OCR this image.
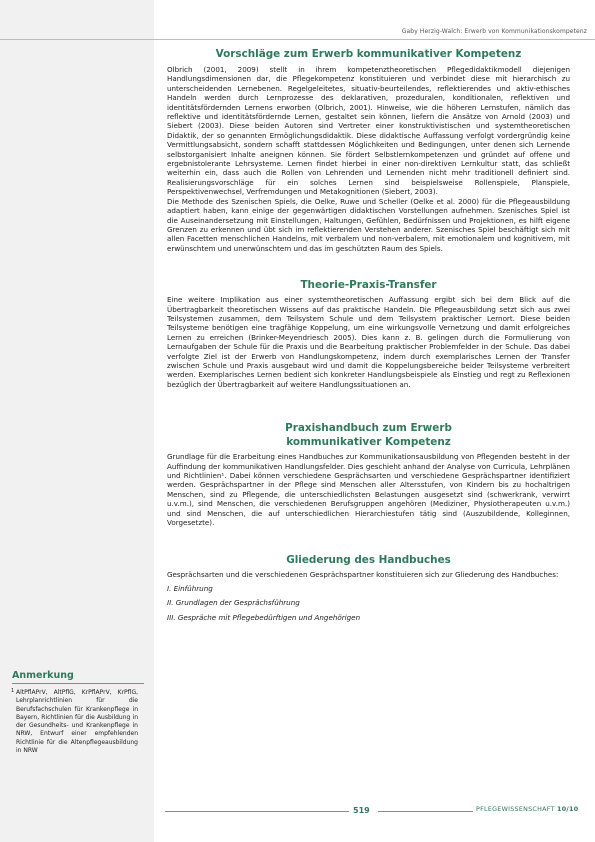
Gaby Herzig-Walch: Erwerb von Kommunikationskompetenz
Vorschläge zum Erwerb kommunikativer Kompetenz

Olbrich (2001, 2009) stellt in ihrem kompetenztheoretischen Pflegedidaktikmodell diejenigen Handlungsdimensionen dar, die Pflegekompetenz konstituieren und verbindet diese mit hierarchisch zu unterscheidenden Lernebenen. Regelgeleitetes, situativ-beurteilendes, reflektierendes und aktiv-ethisches Handeln werden durch Lernprozesse des deklarativen, prozeduralen, konditionalen, reflektiven und identitätsfördernden Lernens erworben (Olbrich, 2001). Hinweise, wie die höheren Lernstufen, nämlich das reflektive und identitätsfördernde Lernen, gestaltet sein können, liefern die Ansätze von Arnold (2003) und Siebert (2003). Diese beiden Autoren sind Vertreter einer konstruktivistischen und systemtheoretischen Didaktik, der so genannten Ermöglichungsdidaktik. Diese didaktische Auffassung verfolgt vordergründig keine Vermittlungsabsicht, sondern schafft stattdessen Möglichkeiten und Bedingungen, unter denen sich Lernende selbstorganisiert Inhalte aneignen können. Sie fördert Selbstlernkompetenzen und gründet auf offene und ergebnistolerante Lehrsysteme. Lernen findet hierbei in einer non-direktiven Lernkultur statt, das schließt weiterhin ein, dass auch die Rollen von Lehrenden und Lernenden nicht mehr traditionell definiert sind. Realisierungsvorschläge für ein solches Lernen sind beispielsweise Rollenspiele, Planspiele, Perspektivenwechsel, Verfremdungen und Metakognitionen (Siebert, 2003).

Die Methode des Szenischen Spiels, die Oelke, Ruwe und Scheller (Oelke et al. 2000) für die Pflegeausbildung adaptiert haben, kann einige der gegenwärtigen didaktischen Vorstellungen aufnehmen. Szenisches Spiel ist die Auseinandersetzung mit Einstellungen, Haltungen, Gefühlen, Bedürfnissen und Projektionen, es hilft eigene Grenzen zu erkennen und übt sich im reflektierenden Verstehen anderer. Szenisches Spiel beschäftigt sich mit allen Facetten menschlichen Handelns, mit verbalem und non-verbalem, mit emotionalem und kognitivem, mit erwünschtem und unerwünschtem und das im geschützten Raum des Spiels.

Theorie-Praxis-Transfer

Eine weitere Implikation aus einer systemtheoretischen Auffassung ergibt sich bei dem Blick auf die Übertragbarkeit theoretischen Wissens auf das praktische Handeln. Die Pflegeausbildung setzt sich aus zwei Teilsystemen zusammen, dem Teilsystem Schule und dem Teilsystem praktischer Lernort. Diese beiden Teilsysteme benötigen eine tragfähige Koppelung, um eine wirkungsvolle Vernetzung und damit erfolgreiches Lernen zu erreichen (Brinker-Meyendriesch 2005). Dies kann z. B. gelingen durch die Formulierung von Lernaufgaben der Schule für die Praxis und die Bearbeitung praktischer Problemfelder in der Schule. Das dabei verfolgte Ziel ist der Erwerb von Handlungskompetenz, indem durch exemplarisches Lernen der Transfer zwischen Schule und Praxis ausgebaut wird und damit die Koppelungsbereiche beider Teilsysteme verbreitert werden. Exemplarisches Lernen bedient sich konkreter Handlungsbeispiele als Einstieg und regt zu Reflexionen bezüglich der Übertragbarkeit auf weitere Handlungssituationen an.

Praxishandbuch zum Erwerb
kommunikativer Kompetenz

Grundlage für die Erarbeitung eines Handbuches zur Kommunikationsausbildung von Pflegenden besteht in der Auffindung der kommunikativen Handlungsfelder. Dies geschieht anhand der Analyse von Curricula, Lehrplänen und Richtlinien¹. Dabei können verschiedene Gesprächsarten und verschiedene Gesprächspartner identifiziert werden. Gesprächspartner in der Pflege sind Menschen aller Altersstufen, von Kindern bis zu hochaltrigen Menschen, sind zu Pflegende, die unterschiedlichsten Belastungen ausgesetzt sind (schwerkrank, verwirrt u.v.m.), sind Menschen, die verschiedenen Berufsgruppen angehören (Mediziner, Physiotherapeuten u.v.m.) und sind Menschen, die auf unterschiedlichen Hierarchiestufen tätig sind (Auszubildende, Kolleginnen, Vorgesetzte).

Gliederung des Handbuches

Gesprächsarten und die verschiedenen Gesprächspartner konstituieren sich zur Gliederung des Handbuches:

I. Einführung
II. Grundlagen der Gesprächsführung
III. Gespräche mit Pflegebedürftigen und Angehörigen
Anmerkung
1 AltPflAPrV, AltPflG, KrPflAPrV, KrPflG, Lehrplanrichtlinien für die Berufsfachschulen für Krankenpflege in Bayern, Richtlinien für die Ausbildung in der Gesundheits- und Krankenpflege in NRW, Entwurf einer empfehlenden Richtlinie für die Altenpflegeausbildung in NRW
519	PFLEGEWISSENSCHAFT 10/10
